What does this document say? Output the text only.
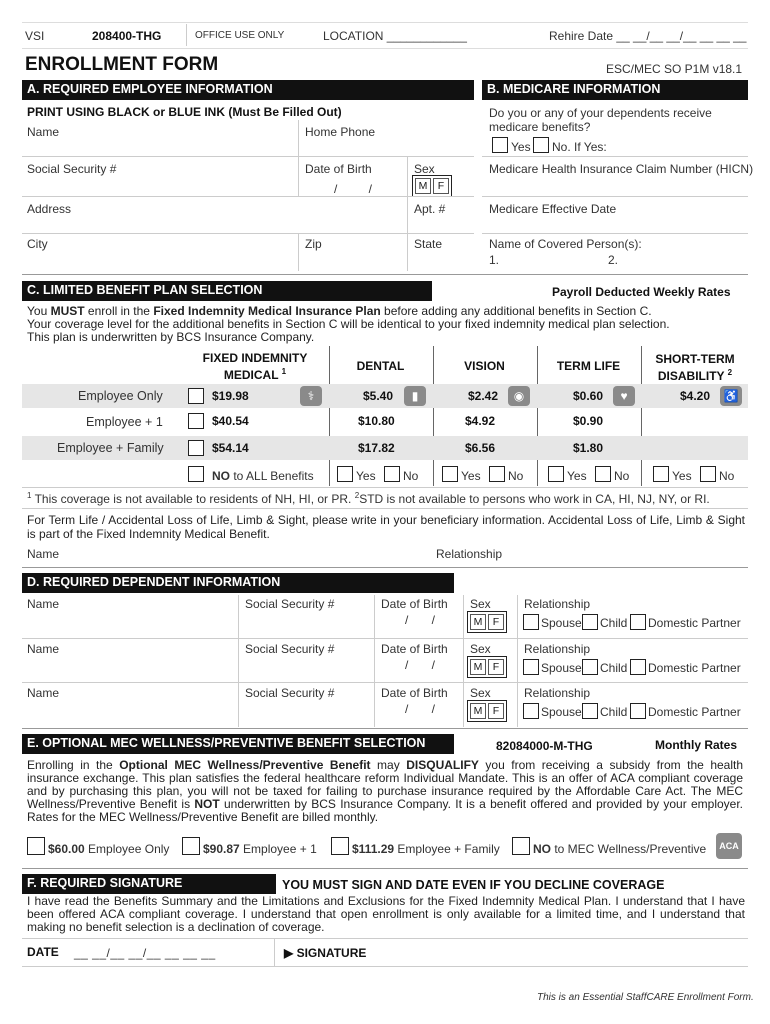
VSI	208400-THG	OFFICE USE ONLY	LOCATION ____________	Rehire Date __ __/__ __/__ __ __ __
ENROLLMENT FORM	ESC/MEC SO P1M v18.1
A. REQUIRED EMPLOYEE INFORMATION
PRINT USING BLACK or BLUE INK (Must Be Filled Out)
Name	Home Phone
Social Security #	Date of Birth
/ /
Sex
M F
Address	Apt. #
City	Zip	State
B. MEDICARE INFORMATION
Do you or any of your dependents receive medicare benefits?
Yes No. If Yes:
Medicare Health Insurance Claim Number (HICN)
Medicare Effective Date
Name of Covered Person(s):
1.	2.
C. LIMITED BENEFIT PLAN SELECTION	Payroll Deducted Weekly Rates
You MUST enroll in the Fixed Indemnity Medical Insurance Plan before adding any additional benefits in Section C.
Your coverage level for the additional benefits in Section C will be identical to your fixed indemnity medical plan selection.
This plan is underwritten by BCS Insurance Company.
FIXED INDEMNITY MEDICAL $^1$	DENTAL	VISION	TERM LIFE	SHORT-TERM DISABILITY $^2$
Employee Only	$19.98	⚕	$5.40	▮	$2.42	◉	$0.60	♥	$4.20 ♿
Employee + 1	$40.54	$10.80	$4.92	$0.90
Employee + Family	$54.14	$17.82	$6.56	$1.80
NO to ALL Benefits	Yes No	Yes No	Yes No	Yes No
$^1$ This coverage is not available to residents of NH, HI, or PR. $^2$STD is not available to persons who work in CA, HI, NJ, NY, or RI.
For Term Life / Accidental Loss of Life, Limb & Sight, please write in your beneficiary information. Accidental Loss of Life, Limb & Sight is part of the Fixed Indemnity Medical Benefit.
Name	Relationship
D. REQUIRED DEPENDENT INFORMATION
Name	Social Security #	Date of Birth
/ /
Sex
M F
Relationship
Spouse Child Domestic Partner
Name	Social Security #	Date of Birth
/ /
Sex
M F
Relationship
Spouse Child Domestic Partner
Name	Social Security #	Date of Birth
/ /
Sex
M F
Relationship
Spouse Child Domestic Partner
E. OPTIONAL MEC WELLNESS/PREVENTIVE BENEFIT SELECTION	82084000-M-THG	Monthly Rates
Enrolling in the Optional MEC Wellness/Preventive Benefit may DISQUALIFY you from receiving a subsidy from the health insurance exchange. This plan satisfies the federal healthcare reform Individual Mandate. This is an offer of ACA compliant coverage and by purchasing this plan, you will not be taxed for failing to purchase insurance required by the Affordable Care Act. The MEC Wellness/Preventive Benefit is NOT underwritten by BCS Insurance Company. It is a benefit offered and provided by your employer. Rates for the MEC Wellness/Preventive Benefit are billed monthly.
$60.00 Employee Only	$90.87 Employee + 1	$111.29 Employee + Family	NO to MEC Wellness/Preventive	ACA
F. REQUIRED SIGNATURE	YOU MUST SIGN AND DATE EVEN IF YOU DECLINE COVERAGE
I have read the Benefits Summary and the Limitations and Exclusions for the Fixed Indemnity Medical Plan. I understand that I have been offered ACA compliant coverage. I understand that open enrollment is only available for a limited time, and I understand that making no benefit selection is a declination of coverage.
DATE __ __/__ __/__ __ __ __	▶ SIGNATURE
This is an Essential StaffCARE Enrollment Form.
